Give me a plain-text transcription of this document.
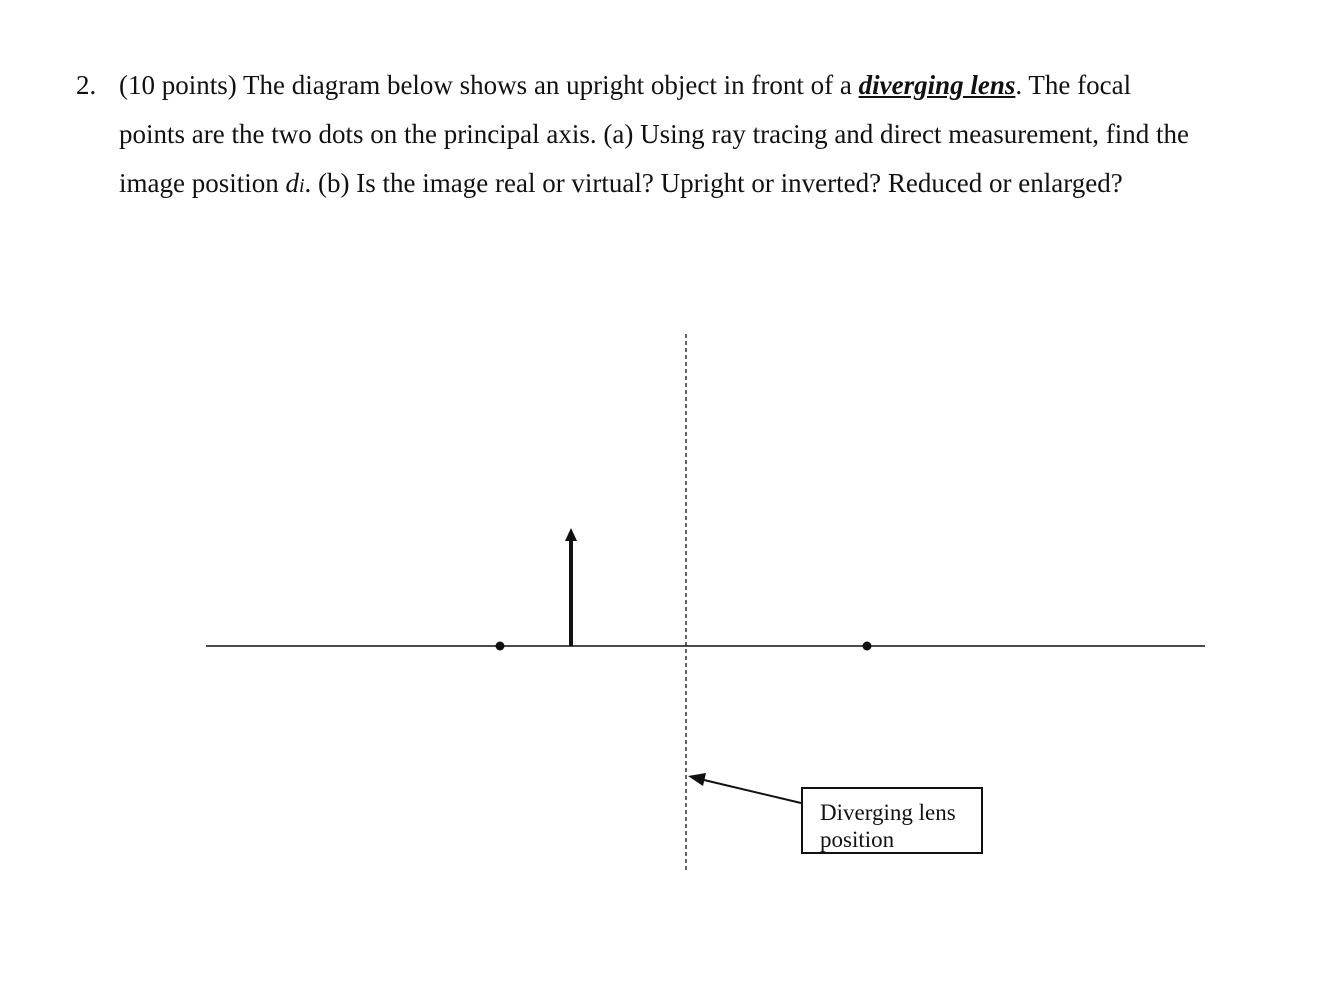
2. (10 points) The diagram below shows an upright object in front of a diverging lens. The focal
points are the two dots on the principal axis. (a) Using ray tracing and direct measurement, find the
image position di. (b) Is the image real or virtual? Upright or inverted? Reduced or enlarged?
Diverging lens
position
